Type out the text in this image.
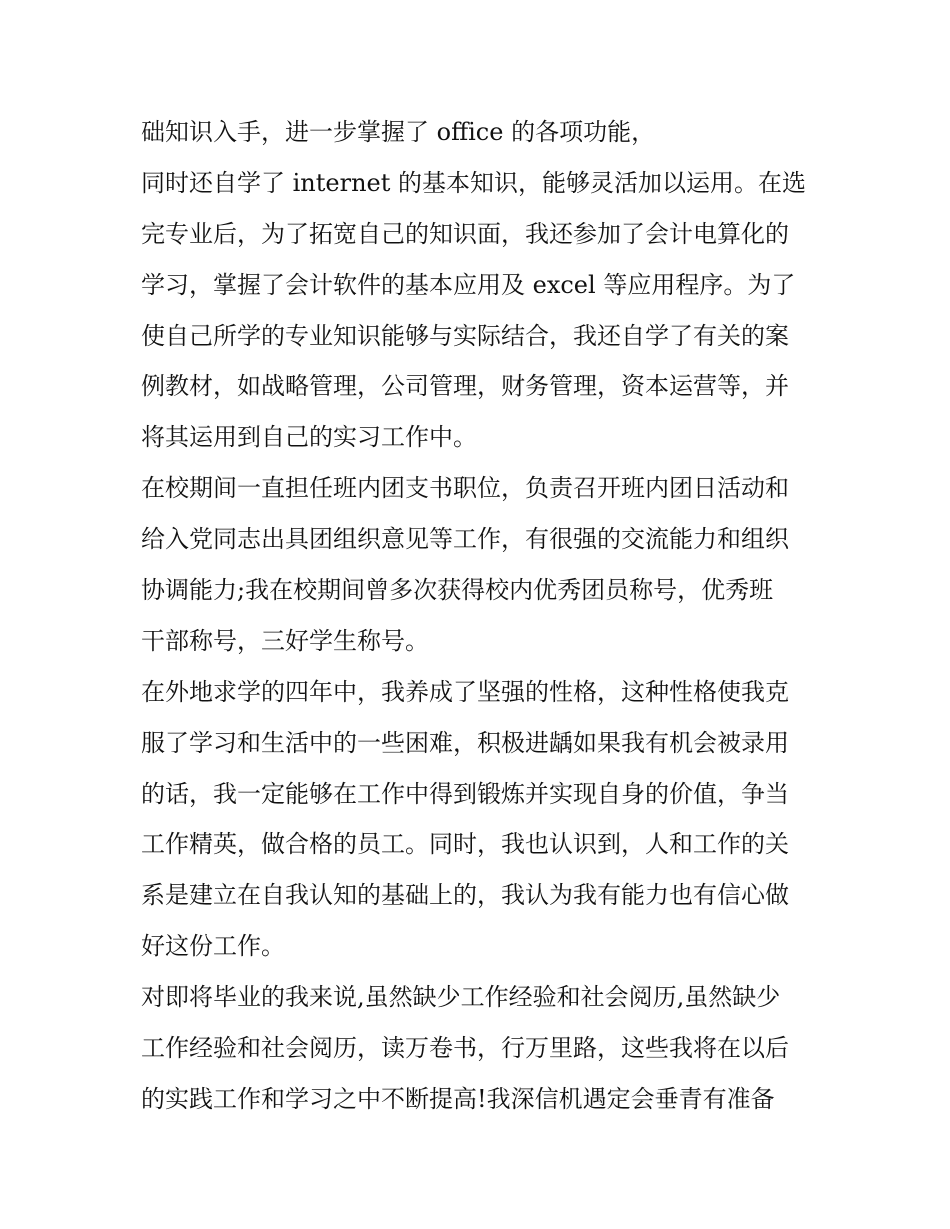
础知识入手，进一步掌握了 office 的各项功能，
同时还自学了 internet 的基本知识，能够灵活加以运用。在选
完专业后，为了拓宽自己的知识面，我还参加了会计电算化的
学习，掌握了会计软件的基本应用及 excel 等应用程序。为了
使自己所学的专业知识能够与实际结合，我还自学了有关的案
例教材，如战略管理，公司管理，财务管理，资本运营等，并
将其运用到自己的实习工作中。
在校期间一直担任班内团支书职位，负责召开班内团日活动和
给入党同志出具团组织意见等工作，有很强的交流能力和组织
协调能力;我在校期间曾多次获得校内优秀团员称号，优秀班
干部称号，三好学生称号。
在外地求学的四年中，我养成了坚强的性格，这种性格使我克
服了学习和生活中的一些困难，积极进龋如果我有机会被录用
的话，我一定能够在工作中得到锻炼并实现自身的价值，争当
工作精英，做合格的员工。同时，我也认识到，人和工作的关
系是建立在自我认知的基础上的，我认为我有能力也有信心做
好这份工作。
对即将毕业的我来说,虽然缺少工作经验和社会阅历,虽然缺少
工作经验和社会阅历，读万卷书，行万里路，这些我将在以后
的实践工作和学习之中不断提高!我深信机遇定会垂青有准备
